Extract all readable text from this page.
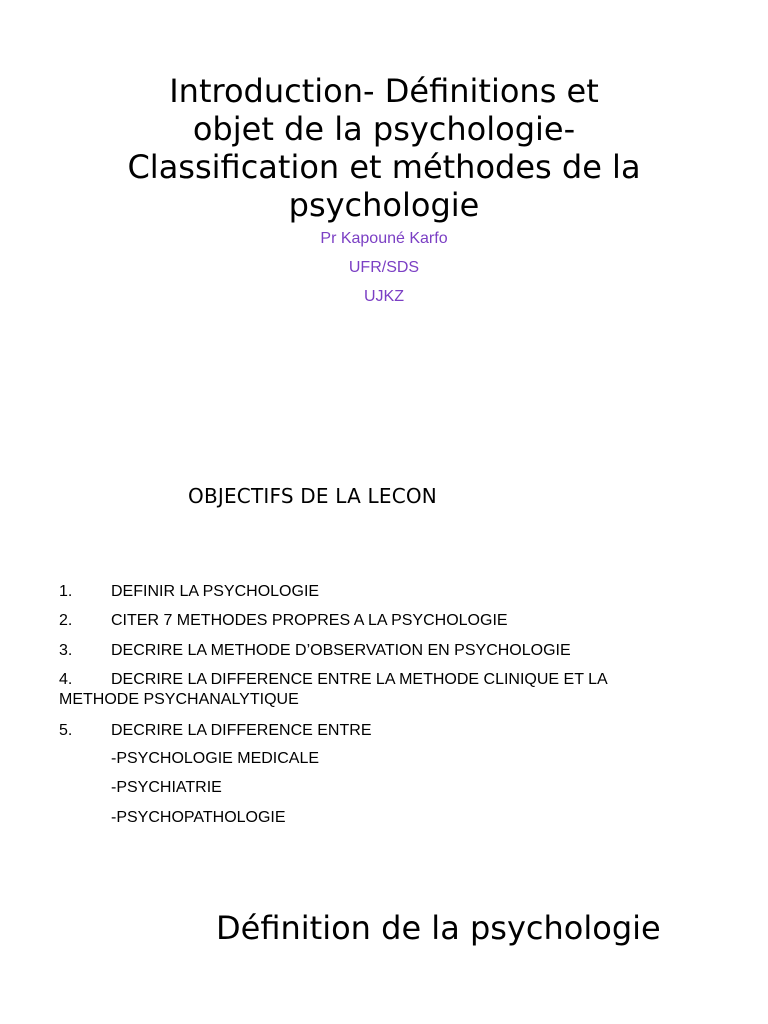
Introduction- Définitions et
objet de la psychologie-
Classification et méthodes de la
psychologie
Pr Kapouné Karfo
UFR/SDS
UJKZ
OBJECTIFS DE LA LECON
1. DEFINIR LA PSYCHOLOGIE
2. CITER 7 METHODES PROPRES A LA PSYCHOLOGIE
3. DECRIRE LA METHODE D’OBSERVATION EN PSYCHOLOGIE
4. DECRIRE LA DIFFERENCE ENTRE LA METHODE CLINIQUE ET LA
METHODE PSYCHANALYTIQUE
5. DECRIRE LA DIFFERENCE ENTRE
-PSYCHOLOGIE MEDICALE
-PSYCHIATRIE
-PSYCHOPATHOLOGIE
Définition de la psychologie
